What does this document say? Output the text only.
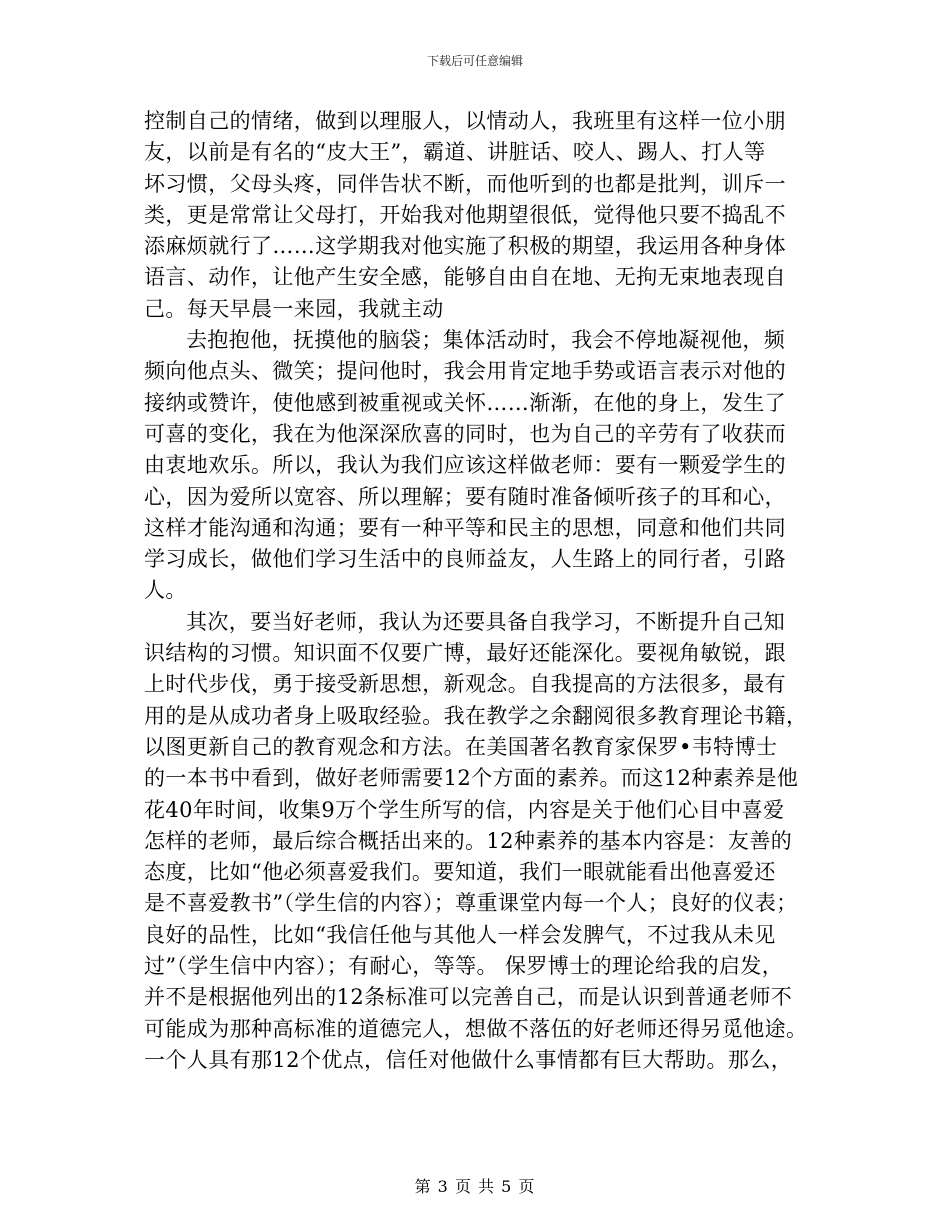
下载后可任意编辑
控制自己的情绪，做到以理服人，以情动人，我班里有这样一位小朋
友，以前是有名的“皮大王”，霸道、讲脏话、咬人、踢人、打人等
坏习惯，父母头疼，同伴告状不断，而他听到的也都是批判，训斥一
类，更是常常让父母打，开始我对他期望很低，觉得他只要不捣乱不
添麻烦就行了……这学期我对他实施了积极的期望，我运用各种身体
语言、动作，让他产生安全感，能够自由自在地、无拘无束地表现自
己。每天早晨一来园，我就主动
去抱抱他，抚摸他的脑袋；集体活动时，我会不停地凝视他，频
频向他点头、微笑；提问他时，我会用肯定地手势或语言表示对他的
接纳或赞许，使他感到被重视或关怀……渐渐，在他的身上，发生了
可喜的变化，我在为他深深欣喜的同时，也为自己的辛劳有了收获而
由衷地欢乐。所以，我认为我们应该这样做老师：要有一颗爱学生的
心，因为爱所以宽容、所以理解；要有随时准备倾听孩子的耳和心，
这样才能沟通和沟通；要有一种平等和民主的思想，同意和他们共同
学习成长，做他们学习生活中的良师益友，人生路上的同行者，引路
人。
其次，要当好老师，我认为还要具备自我学习，不断提升自己知
识结构的习惯。知识面不仅要广博，最好还能深化。要视角敏锐，跟
上时代步伐，勇于接受新思想，新观念。自我提高的方法很多，最有
用的是从成功者身上吸取经验。我在教学之余翻阅很多教育理论书籍，
以图更新自己的教育观念和方法。在美国著名教育家保罗•韦特博士
的一本书中看到，做好老师需要12个方面的素养。而这12种素养是他
花40年时间，收集9万个学生所写的信，内容是关于他们心目中喜爱
怎样的老师，最后综合概括出来的。12种素养的基本内容是：友善的
态度，比如“他必须喜爱我们。要知道，我们一眼就能看出他喜爱还
是不喜爱教书”（学生信的内容）；尊重课堂内每一个人；良好的仪表；
良好的品性，比如“我信任他与其他人一样会发脾气，不过我从未见
过”（学生信中内容）；有耐心，等等。 保罗博士的理论给我的启发，
并不是根据他列出的12条标准可以完善自己，而是认识到普通老师不
可能成为那种高标准的道德完人，想做不落伍的好老师还得另觅他途。
一个人具有那12个优点，信任对他做什么事情都有巨大帮助。那么，
第 3 页 共 5 页
